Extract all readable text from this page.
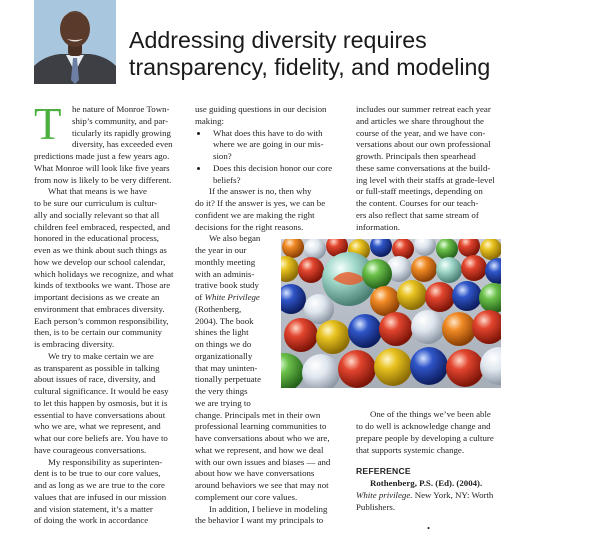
Addressing diversity requires
transparency, fidelity, and modeling
T	he nature of Monroe Town-
ship’s community, and par-
ticularly its rapidly growing
diversity, has exceeded even
predictions made just a few years ago.
What Monroe will look like five years
from now is likely to be very different.

What that means is we have
to be sure our curriculum is cultur-
ally and socially relevant so that all
children feel embraced, respected, and
honored in the educational process,
even as we think about such things as
how we develop our school calendar,
which holidays we recognize, and what
kinds of textbooks we want. Those are
important decisions as we create an
environment that embraces diversity.
Each person’s common responsibility,
then, is to be certain our community
is embracing diversity.

We try to make certain we are
as transparent as possible in talking
about issues of race, diversity, and
cultural significance. It would be easy
to let this happen by osmosis, but it is
essential to have conversations about
who we are, what we represent, and
what our core beliefs are. You have to
have courageous conversations.

My responsibility as superinten-
dent is to be true to our core values,
and as long as we are true to the core
values that are infused in our mission
and vision statement, it’s a matter
of doing the work in accordance

use guiding questions in our decision
making:

What does this have to do with
where we are going in our mis-
sion?
Does this decision honor our core
beliefs?

If the answer is no, then why
do it? If the answer is yes, we can be
confident we are making the right
decisions for the right reasons.

We also began
the year in our
monthly meeting
with an adminis-
trative book study
of White Privilege
(Rothenberg,
2004). The book
shines the light
on things we do
organizationally
that may uninten-
tionally perpetuate
the very things
we are trying to
change. Principals met in their own
professional learning communities to
have conversations about who we are,
what we represent, and how we deal
with our own issues and biases — and
about how we have conversations
around behaviors we see that may not
complement our core values.

In addition, I believe in modeling
the behavior I want my principals to

includes our summer retreat each year
and articles we share throughout the
course of the year, and we have con-
versations about our own professional
growth. Principals then spearhead
these same conversations at the build-
ing level with their staffs at grade-level
or full-staff meetings, depending on
the content. Courses for our teach-
ers also reflect that same stream of
information.

One of the things we’ve been able
to do well is acknowledge change and
prepare people by developing a culture
that supports systemic change.

REFERENCE

Rothenberg, P.S. (Ed). (2004).
White privilege. New York, NY: Worth
Publishers.

•
